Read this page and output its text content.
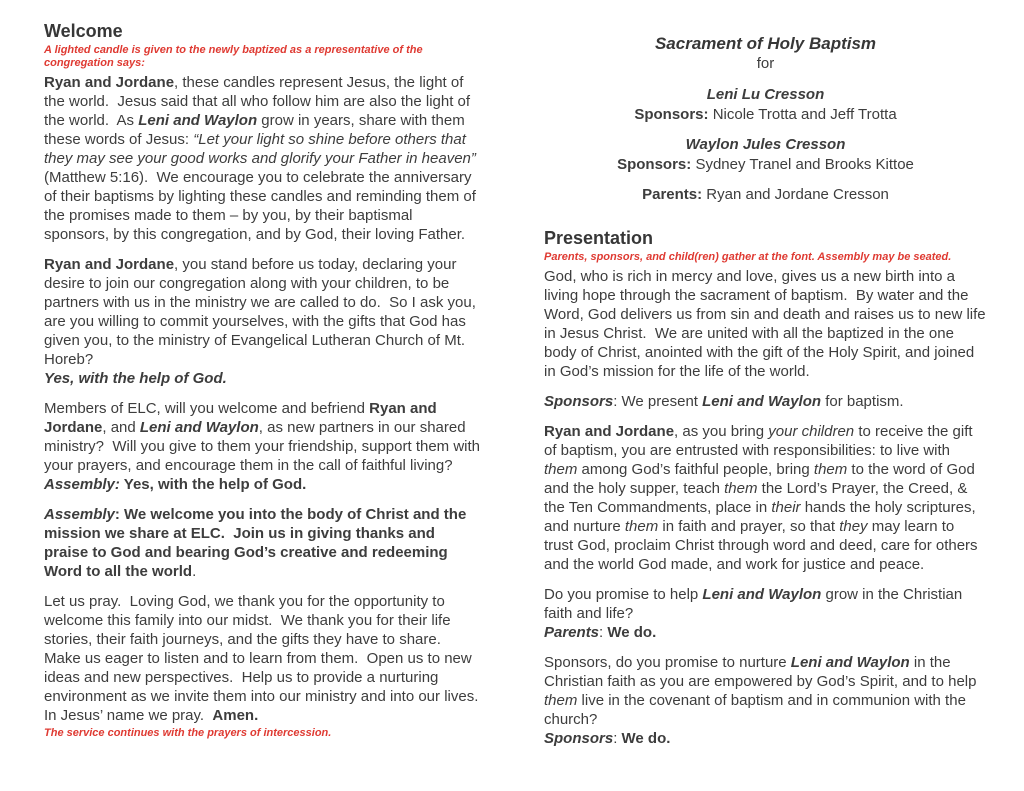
Welcome
A lighted candle is given to the newly baptized as a representative of the congregation says:

Ryan and Jordane, these candles represent Jesus, the light of the world.  Jesus said that all who follow him are also the light of the world.  As Leni and Waylon grow in years, share with them these words of Jesus: “Let your light so shine before others that they may see your good works and glorify your Father in heaven” (Matthew 5:16).  We encourage you to celebrate the anniversary of their baptisms by lighting these candles and reminding them of the promises made to them – by you, by their baptismal sponsors, by this congregation, and by God, their loving Father.

Ryan and Jordane, you stand before us today, declaring your desire to join our congregation along with your children, to be partners with us in the ministry we are called to do.  So I ask you, are you willing to commit yourselves, with the gifts that God has given you, to the ministry of Evangelical Lutheran Church of Mt. Horeb?
Yes, with the help of God.

Members of ELC, will you welcome and befriend Ryan and Jordane, and Leni and Waylon, as new partners in our shared ministry?  Will you give to them your friendship, support them with your prayers, and encourage them in the call of faithful living?
Assembly: Yes, with the help of God.

Assembly: We welcome you into the body of Christ and the mission we share at ELC.  Join us in giving thanks and praise to God and bearing God’s creative and redeeming Word to all the world.

Let us pray.  Loving God, we thank you for the opportunity to welcome this family into our midst.  We thank you for their life stories, their faith journeys, and the gifts they have to share.  Make us eager to listen and to learn from them.  Open us to new ideas and new perspectives.  Help us to provide a nurturing environment as we invite them into our ministry and into our lives.  In Jesus’ name we pray.  Amen.

The service continues with the prayers of intercession.
Sacrament of Holy Baptism
for
Leni Lu Cresson
Sponsors: Nicole Trotta and Jeff Trotta
Waylon Jules Cresson
Sponsors: Sydney Tranel and Brooks Kittoe
Parents: Ryan and Jordane Cresson
Presentation
Parents, sponsors, and child(ren) gather at the font. Assembly may be seated.

God, who is rich in mercy and love, gives us a new birth into a living hope through the sacrament of baptism.  By water and the Word, God delivers us from sin and death and raises us to new life in Jesus Christ.  We are united with all the baptized in the one body of Christ, anointed with the gift of the Holy Spirit, and joined in God’s mission for the life of the world.

Sponsors: We present Leni and Waylon for baptism.

Ryan and Jordane, as you bring your children to receive the gift of baptism, you are entrusted with responsibilities: to live with them among God’s faithful people, bring them to the word of God and the holy supper, teach them the Lord’s Prayer, the Creed, & the Ten Commandments, place in their hands the holy scriptures, and nurture them in faith and prayer, so that they may learn to trust God, proclaim Christ through word and deed, care for others and the world God made, and work for justice and peace.

Do you promise to help Leni and Waylon grow in the Christian faith and life?
Parents: We do.

Sponsors, do you promise to nurture Leni and Waylon in the Christian faith as you are empowered by God’s Spirit, and to help them live in the covenant of baptism and in communion with the church?
Sponsors: We do.
